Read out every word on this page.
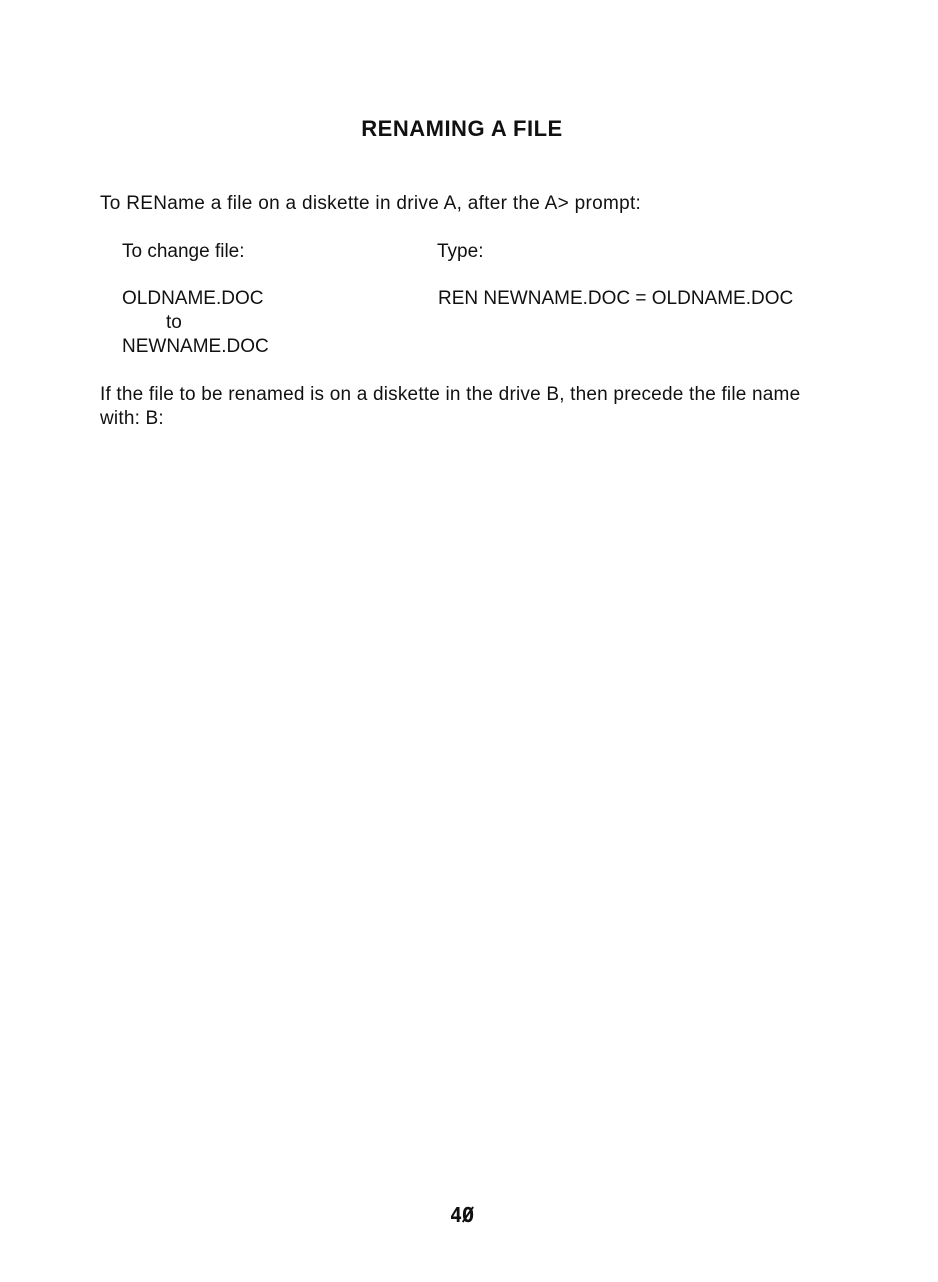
RENAMING A FILE
To REName a file on a diskette in drive A, after the A> prompt:
To change file:	Type:
OLDNAME.DOC
to
NEWNAME.DOC
REN NEWNAME.DOC = OLDNAME.DOC
If the file to be renamed is on a diskette in the drive B, then precede the file name with: B:
4Ø
